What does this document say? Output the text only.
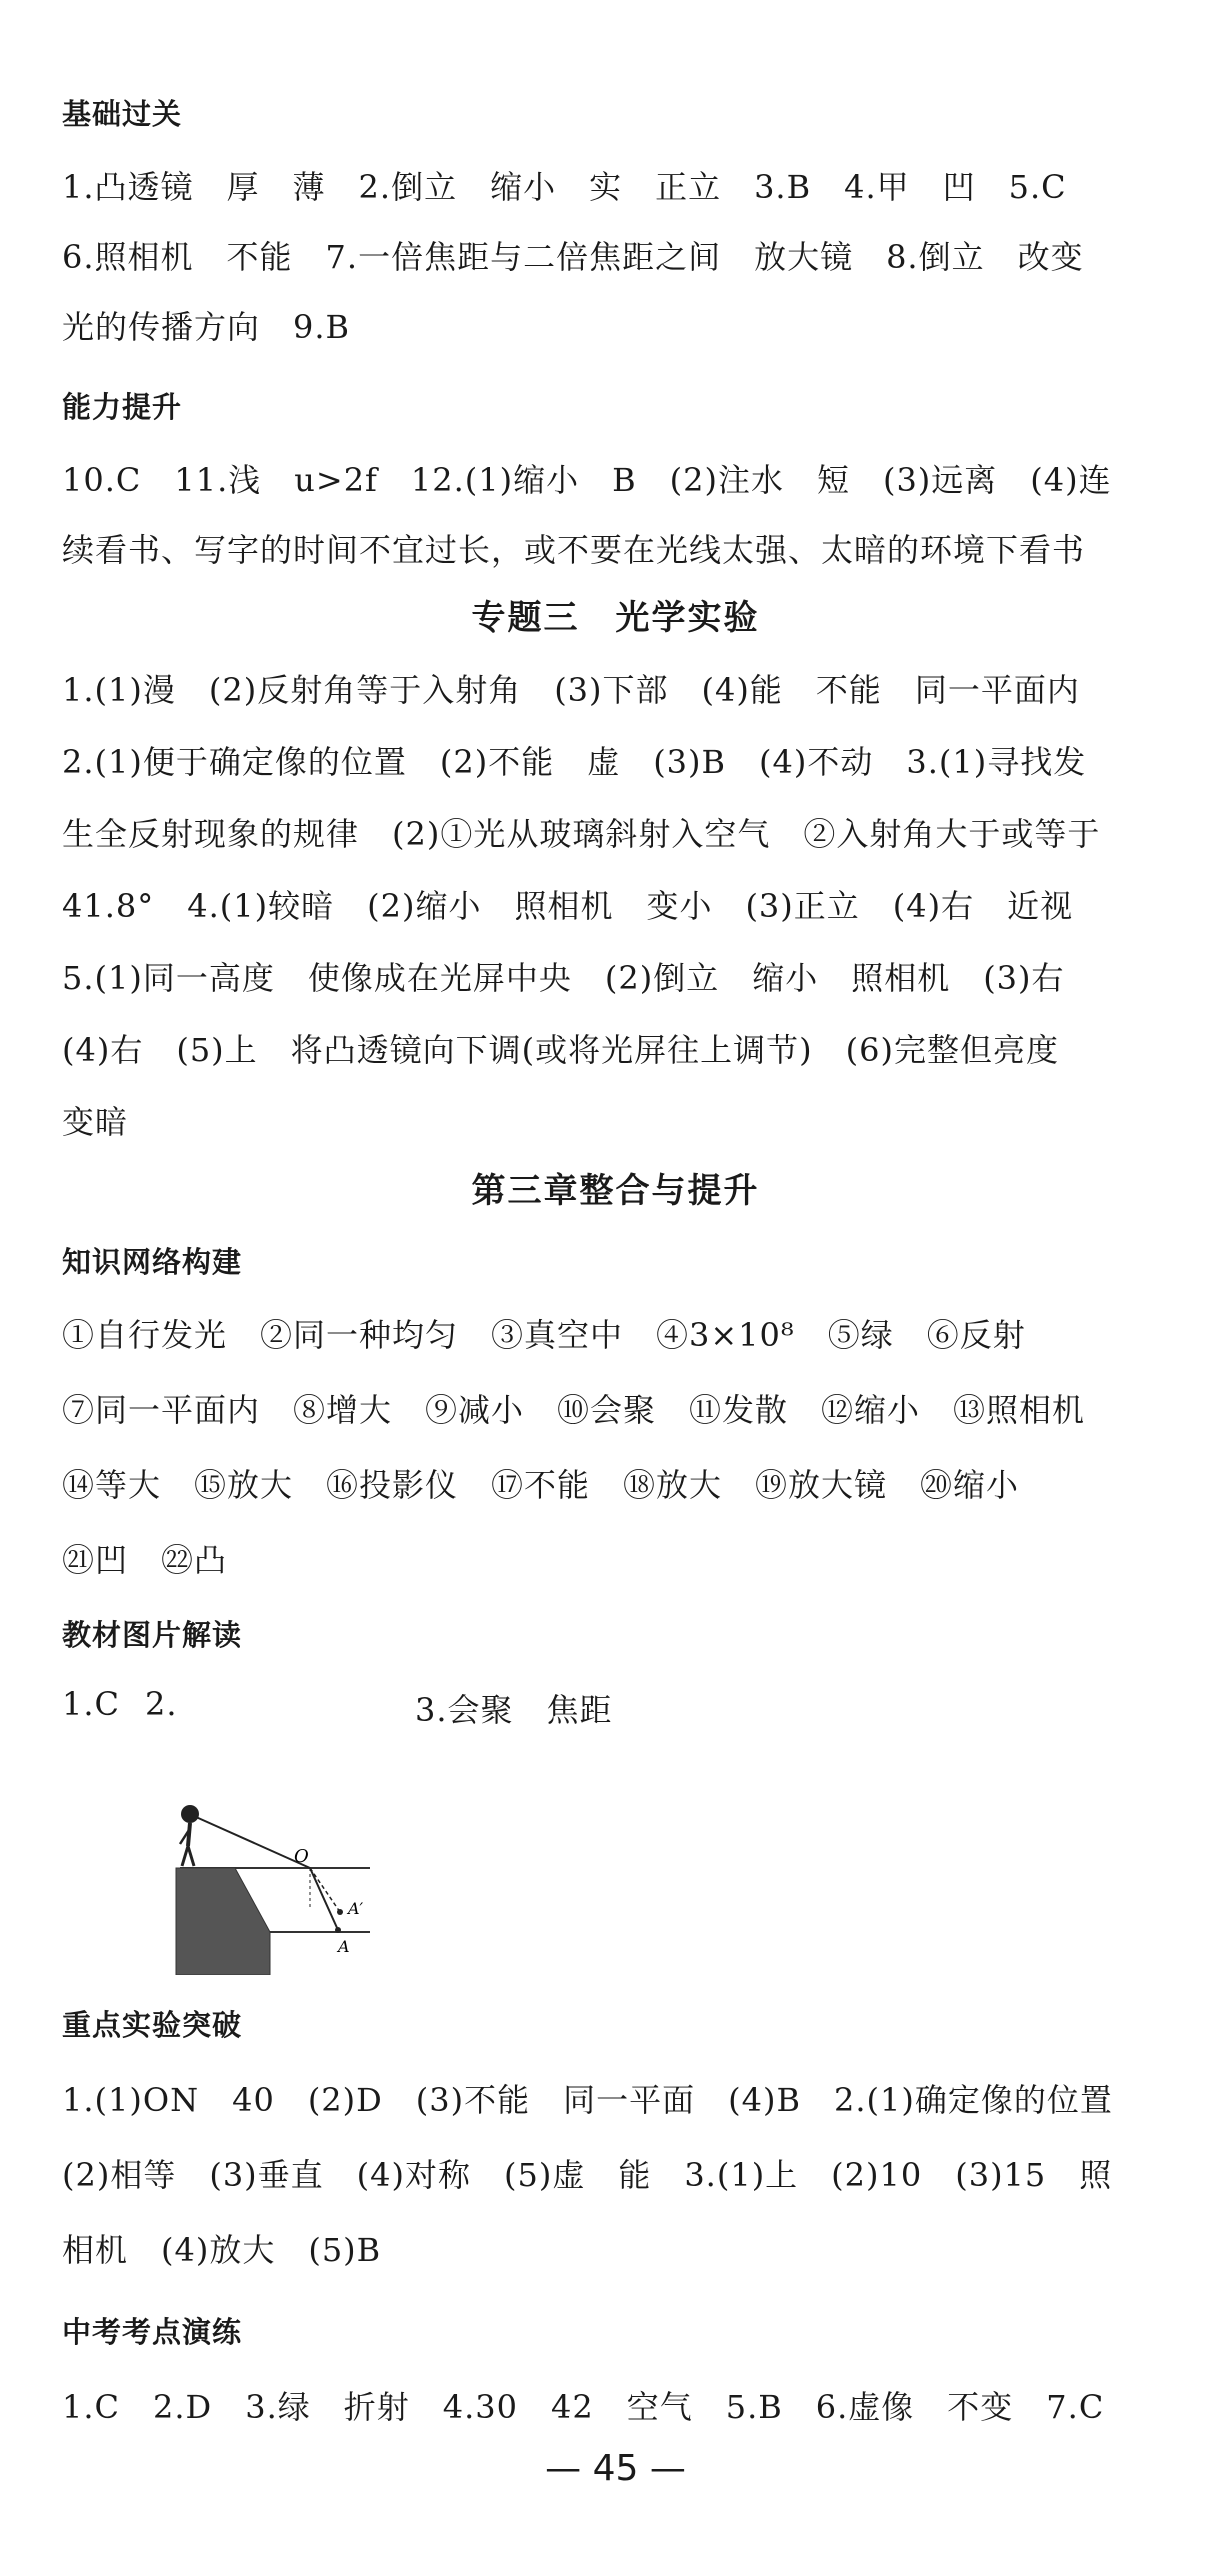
基础过关
1.凸透镜　厚　薄　2.倒立　缩小　实　正立　3.B　4.甲　凹　5.C
6.照相机　不能　7.一倍焦距与二倍焦距之间　放大镜　8.倒立　改变
光的传播方向　9.B
能力提升
10.C　11.浅　u>2f　12.(1)缩小　B　(2)注水　短　(3)远离　(4)连
续看书、写字的时间不宜过长，或不要在光线太强、太暗的环境下看书
专题三　光学实验
1.(1)漫　(2)反射角等于入射角　(3)下部　(4)能　不能　同一平面内
2.(1)便于确定像的位置　(2)不能　虚　(3)B　(4)不动　3.(1)寻找发
生全反射现象的规律　(2)①光从玻璃斜射入空气　②入射角大于或等于
41.8°　4.(1)较暗　(2)缩小　照相机　变小　(3)正立　(4)右　近视
5.(1)同一高度　使像成在光屏中央　(2)倒立　缩小　照相机　(3)右
(4)右　(5)上　将凸透镜向下调(或将光屏往上调节)　(6)完整但亮度
变暗
第三章整合与提升
知识网络构建
①自行发光　②同一种均匀　③真空中　④3×10⁸　⑤绿　⑥反射
⑦同一平面内　⑧增大　⑨减小　⑩会聚　⑪发散　⑫缩小　⑬照相机
⑭等大　⑮放大　⑯投影仪　⑰不能　⑱放大　⑲放大镜　⑳缩小
㉑凹　㉒凸
教材图片解读
1.C 2.	3.会聚　焦距
O
A′
A
重点实验突破
1.(1)ON　40　(2)D　(3)不能　同一平面　(4)B　2.(1)确定像的位置
(2)相等　(3)垂直　(4)对称　(5)虚　能　3.(1)上　(2)10　(3)15　照
相机　(4)放大　(5)B
中考考点演练
1.C　2.D　3.绿　折射　4.30　42　空气　5.B　6.虚像　不变　7.C
— 45 —
